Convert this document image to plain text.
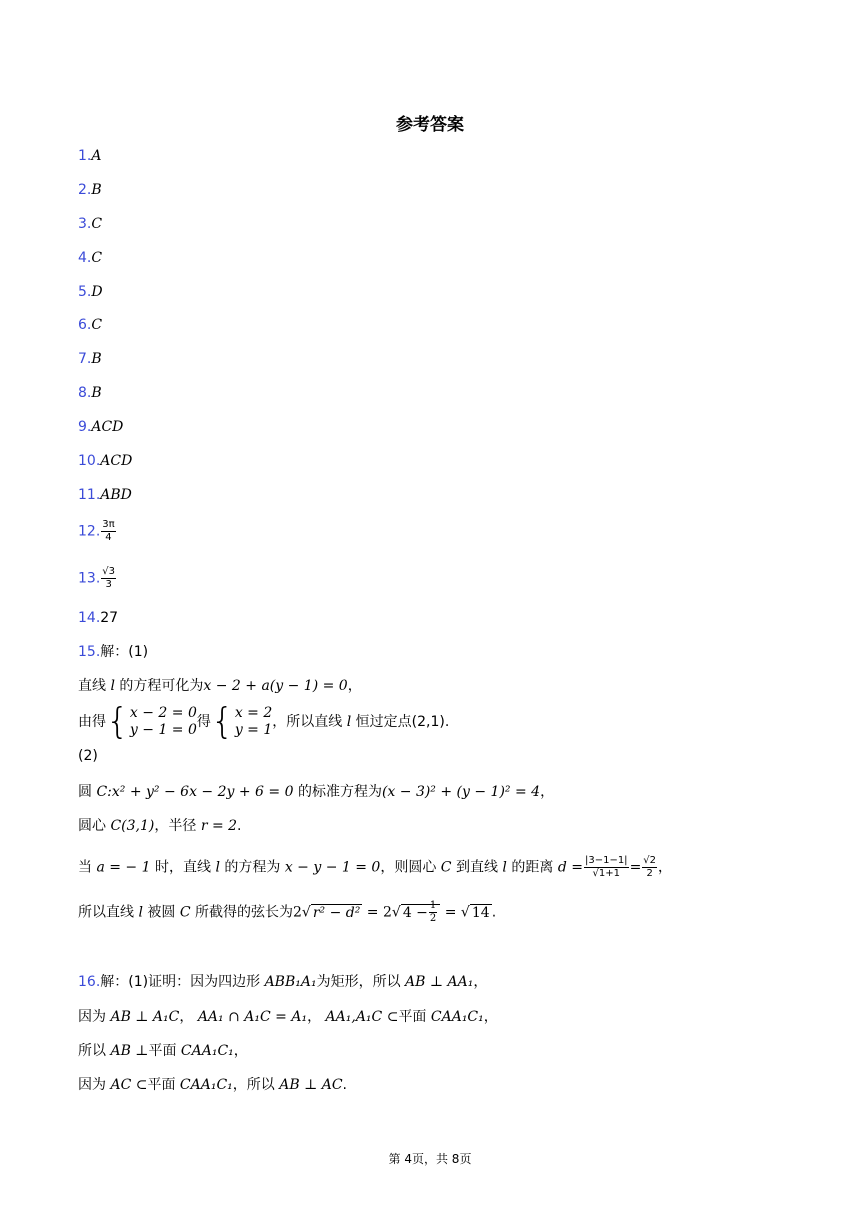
参考答案
1.A
2.B
3.C
4.C
5.D
6.C
7.B
8.B
9.ACD
10.ACD
11.ABD
12. $\frac{3\pi}{4}$
13. $\frac{√3}{3}$
14.27
15.解：(1)
直线 l 的方程可化为x − 2 + a(y − 1) = 0，
由得 { x − 2 = 0
y − 1 = 0 得 { x = 2
y = 1 ，所以直线 l 恒过定点(2,1).
(2)
圆 C:x² + y² − 6x − 2y + 6 = 0 的标准方程为(x − 3)² + (y − 1)² = 4，
圆心 C(3,1)，半径 r = 2.
当 a = − 1 时，直线 l 的方程为 x − y − 1 = 0，则圆心 C 到直线 l 的距离 $d = \frac{|3-1-1|}{√1+1} = \frac{√2}{2}$ ，
所以直线 l 被圆 C 所截得的弦长为2√ r² − d² = 2√ $4 - \frac{1}{2}$ = √ 14 .
16.解：(1)证明：因为四边形 ABB₁A₁为矩形，所以 AB ⊥ AA₁，
因为 AB ⊥ A₁C， AA₁ ∩ A₁C = A₁， AA₁,A₁C ⊂平面 CAA₁C₁，
所以 AB ⊥平面 CAA₁C₁，
因为 AC ⊂平面 CAA₁C₁，所以 AB ⊥ AC.
第 4页，共 8页
